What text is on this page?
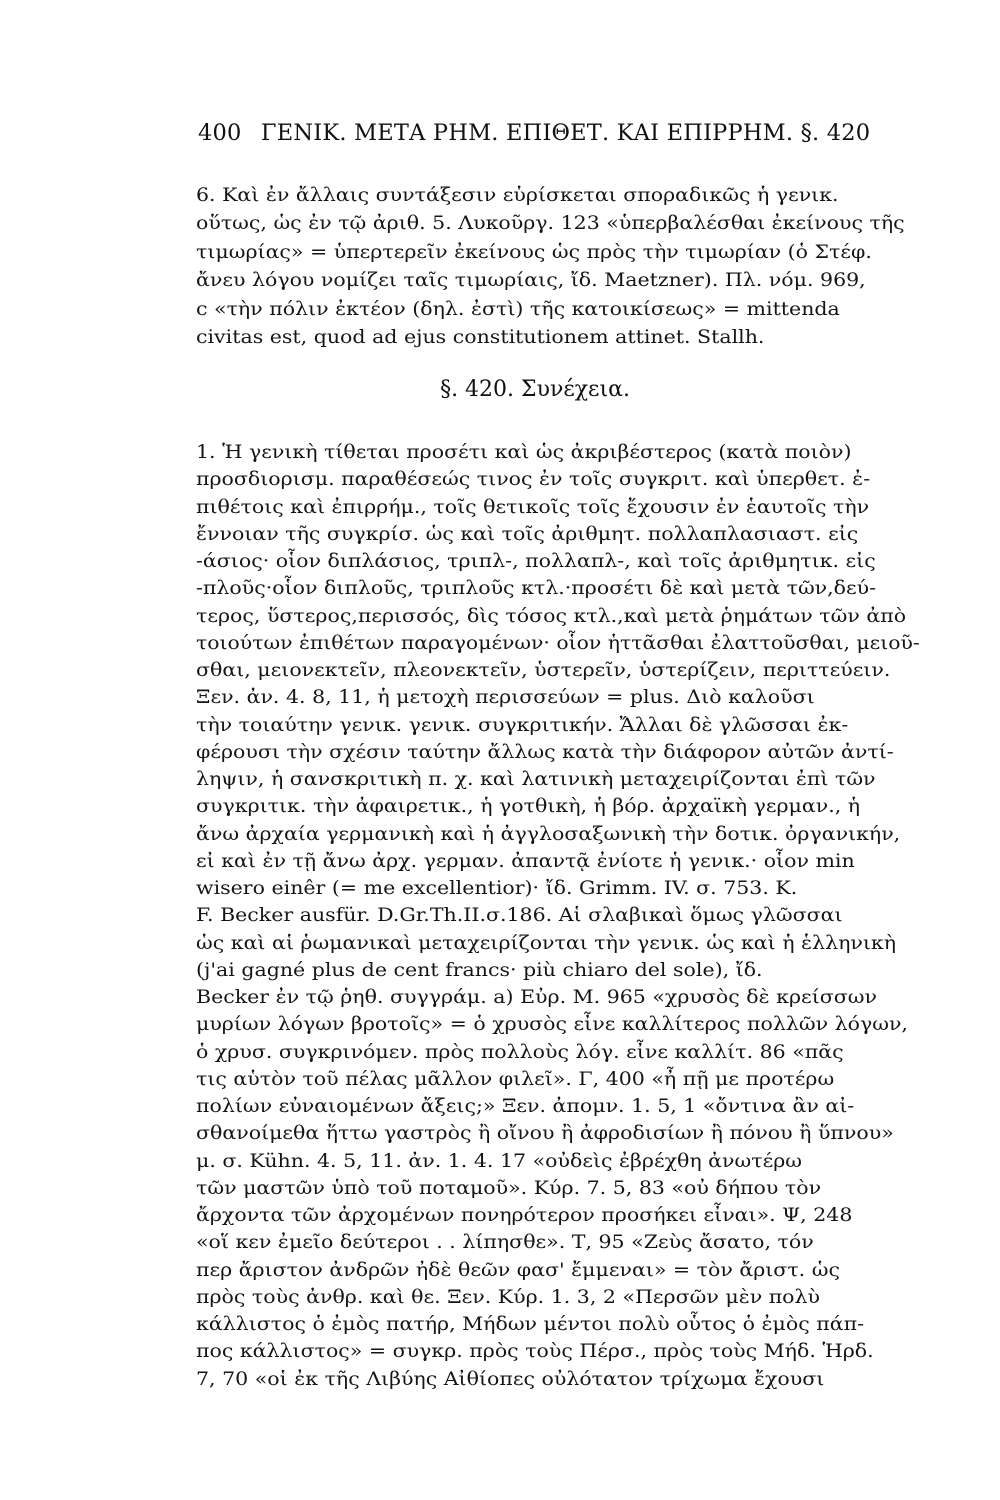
400 ΓΕΝΙΚ. ΜΕΤΑ ΡΗΜ. ΕΠΙΘΕΤ. ΚΑΙ ΕΠΙΡΡΗΜ. §. 420
6. Καὶ ἐν ἄλλαις συντάξεσιν εὑρίσκεται σποραδικῶς ἡ γενικ.
οὕτως, ὡς ἐν τῷ ἀριθ. 5. Λυκοῦργ. 123 «ὑπερβαλέσθαι ἐκείνους τῆς
τιμωρίας» = ὑπερτερεῖν ἐκείνους ὡς πρὸς τὴν τιμωρίαν (ὁ Στέφ.
ἄνευ λόγου νομίζει ταῖς τιμωρίαις, ἴδ. Maetzner). Πλ. νόμ. 969,
c «τὴν πόλιν ἐκτέον (δηλ. ἐστὶ) τῆς κατοικίσεως» = mittenda
civitas est, quod ad ejus constitutionem attinet. Stallh.
§. 420. Συνέχεια.
1. Ἡ γενικὴ τίθεται προσέτι καὶ ὡς ἀκριβέστερος (κατὰ ποιὸν)
προσδιορισμ. παραθέσεώς τινος ἐν τοῖς συγκριτ. καὶ ὑπερθετ. ἐ-
πιθέτοις καὶ ἐπιρρήμ., τοῖς θετικοῖς τοῖς ἔχουσιν ἐν ἑαυτοῖς τὴν
ἔννοιαν τῆς συγκρίσ. ὡς καὶ τοῖς ἀριθμητ. πολλαπλασιαστ. εἰς
-άσιος· οἷον διπλάσιος, τριπλ-, πολλαπλ-, καὶ τοῖς ἀριθμητικ. εἰς
-πλοῦς·οἷον διπλοῦς, τριπλοῦς κτλ.·προσέτι δὲ καὶ μετὰ τῶν,δεύ-
τερος, ὕστερος,περισσός, δὶς τόσος κτλ.,καὶ μετὰ ῥημάτων τῶν ἀπὸ
τοιούτων ἐπιθέτων παραγομένων· οἷον ἡττᾶσθαι ἐλαττοῦσθαι, μειοῦ-
σθαι, μειονεκτεῖν, πλεονεκτεῖν, ὑστερεῖν, ὑστερίζειν, περιττεύειν.
Ξεν. ἀν. 4. 8, 11, ἡ μετοχὴ περισσεύων = plus. Διὸ καλοῦσι
τὴν τοιαύτην γενικ. γενικ. συγκριτικήν. Ἄλλαι δὲ γλῶσσαι ἐκ-
φέρουσι τὴν σχέσιν ταύτην ἄλλως κατὰ τὴν διάφορον αὐτῶν ἀντί-
ληψιν, ἡ σανσκριτικὴ π. χ. καὶ λατινικὴ μεταχειρίζονται ἐπὶ τῶν
συγκριτικ. τὴν ἀφαιρετικ., ἡ γοτθικὴ, ἡ βόρ. ἀρχαϊκὴ γερμαν., ἡ
ἄνω ἀρχαία γερμανικὴ καὶ ἡ ἀγγλοσαξωνικὴ τὴν δοτικ. ὀργανικήν,
εἰ καὶ ἐν τῇ ἄνω ἀρχ. γερμαν. ἀπαντᾷ ἐνίοτε ἡ γενικ.· οἷον min
wisero einêr (= me excellentior)· ἴδ. Grimm. IV. σ. 753. K.
F. Becker ausfür. D.Gr.Th.II.σ.186. Αἱ σλαβικαὶ ὅμως γλῶσσαι
ὡς καὶ αἱ ῥωμανικαὶ μεταχειρίζονται τὴν γενικ. ὡς καὶ ἡ ἑλληνικὴ
(j'ai gagné plus de cent francs· più chiaro del sole), ἴδ.
Becker ἐν τῷ ῥηθ. συγγράμ. a) Εὐρ. Μ. 965 «χρυσὸς δὲ κρείσσων
μυρίων λόγων βροτοῖς» = ὁ χρυσὸς εἶνε καλλίτερος πολλῶν λόγων,
ὁ χρυσ. συγκρινόμεν. πρὸς πολλοὺς λόγ. εἶνε καλλίτ. 86 «πᾶς
τις αὑτὸν τοῦ πέλας μᾶλλον φιλεῖ». Γ, 400 «ἦ πῇ με προτέρω
πολίων εὐναιομένων ἄξεις;» Ξεν. ἀπομν. 1. 5, 1 «ὄντινα ἂν αἰ-
σθανοίμεθα ἥττω γαστρὸς ἢ οἴνου ἢ ἀφροδισίων ἢ πόνου ἢ ὕπνου»
μ. σ. Kühn. 4. 5, 11. ἀν. 1. 4. 17 «οὐδεὶς ἐβρέχθη ἀνωτέρω
τῶν μαστῶν ὑπὸ τοῦ ποταμοῦ». Κύρ. 7. 5, 83 «οὐ δήπου τὸν
ἄρχοντα τῶν ἀρχομένων πονηρότερον προσήκει εἶναι». Ψ, 248
«οἵ κεν ἐμεῖο δεύτεροι . . λίπησθε». Τ, 95 «Ζεὺς ἄσατο, τόν
περ ἄριστον ἀνδρῶν ἠδὲ θεῶν φασ' ἔμμεναι» = τὸν ἄριστ. ὡς
πρὸς τοὺς ἀνθρ. καὶ θε. Ξεν. Κύρ. 1. 3, 2 «Περσῶν μὲν πολὺ
κάλλιστος ὁ ἐμὸς πατήρ, Μήδων μέντοι πολὺ οὗτος ὁ ἐμὸς πάπ-
πος κάλλιστος» = συγκρ. πρὸς τοὺς Πέρσ., πρὸς τοὺς Μήδ. Ἡρδ.
7, 70 «οἱ ἐκ τῆς Λιβύης Αἰθίοπες οὐλότατον τρίχωμα ἔχουσι
